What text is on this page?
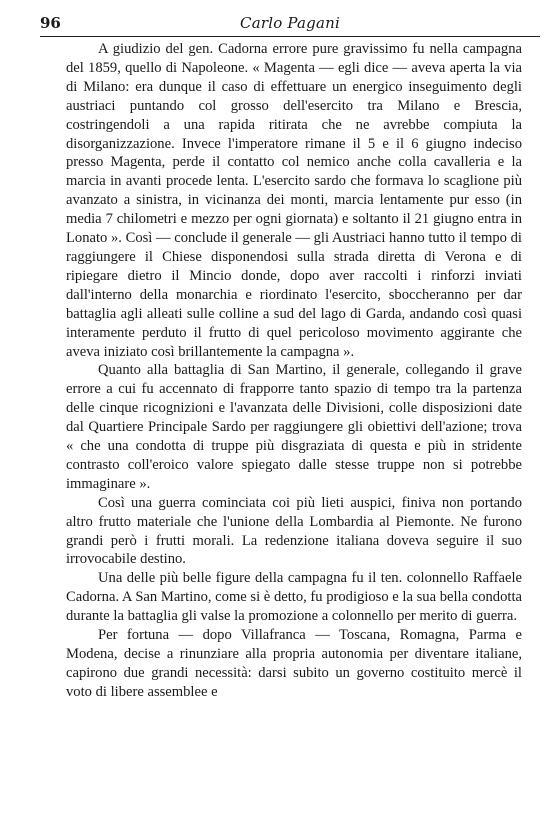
96	Carlo Pagani

A giudizio del gen. Cadorna errore pure gravissimo fu nella campagna del 1859, quello di Napoleone. « Magenta — egli dice — aveva aperta la via di Milano: era dunque il caso di effettuare un energico inseguimento degli austriaci puntando col grosso dell'esercito tra Milano e Brescia, costringendoli a una rapida ritirata che ne avrebbe compiuta la disorganizzazione. Invece l'imperatore rimane il 5 e il 6 giugno indeciso presso Magenta, perde il contatto col nemico anche colla cavalleria e la marcia in avanti procede lenta. L'esercito sardo che formava lo scaglione più avanzato a sinistra, in vicinanza dei monti, marcia lentamente pur esso (in media 7 chilometri e mezzo per ogni giornata) e soltanto il 21 giugno entra in Lonato ». Così — conclude il generale — gli Austriaci hanno tutto il tempo di raggiungere il Chiese disponendosi sulla strada diretta di Verona e di ripiegare dietro il Mincio donde, dopo aver raccolti i rinforzi inviati dall'interno della monarchia e riordinato l'esercito, sboccheranno per dar battaglia agli alleati sulle colline a sud del lago di Garda, andando così quasi interamente perduto il frutto di quel pericoloso movimento aggirante che aveva iniziato così brillantemente la campagna ».

Quanto alla battaglia di San Martino, il generale, collegando il grave errore a cui fu accennato di frapporre tanto spazio di tempo tra la partenza delle cinque ricognizioni e l'avanzata delle Divisioni, colle disposizioni date dal Quartiere Principale Sardo per raggiungere gli obiettivi dell'azione; trova « che una condotta di truppe più disgraziata di questa e più in stridente contrasto coll'eroico valore spiegato dalle stesse truppe non si potrebbe immaginare ».

Così una guerra cominciata coi più lieti auspici, finiva non portando altro frutto materiale che l'unione della Lombardia al Piemonte. Ne furono grandi però i frutti morali. La redenzione italiana doveva seguire il suo irrovocabile destino.

Una delle più belle figure della campagna fu il ten. colonnello Raffaele Cadorna. A San Martino, come si è detto, fu prodigioso e la sua bella condotta durante la battaglia gli valse la promozione a colonnello per merito di guerra.

Per fortuna — dopo Villafranca — Toscana, Romagna, Parma e Modena, decise a rinunziare alla propria autonomia per diventare italiane, capirono due grandi necessità: darsi subito un governo costituito mercè il voto di libere assemblee e
